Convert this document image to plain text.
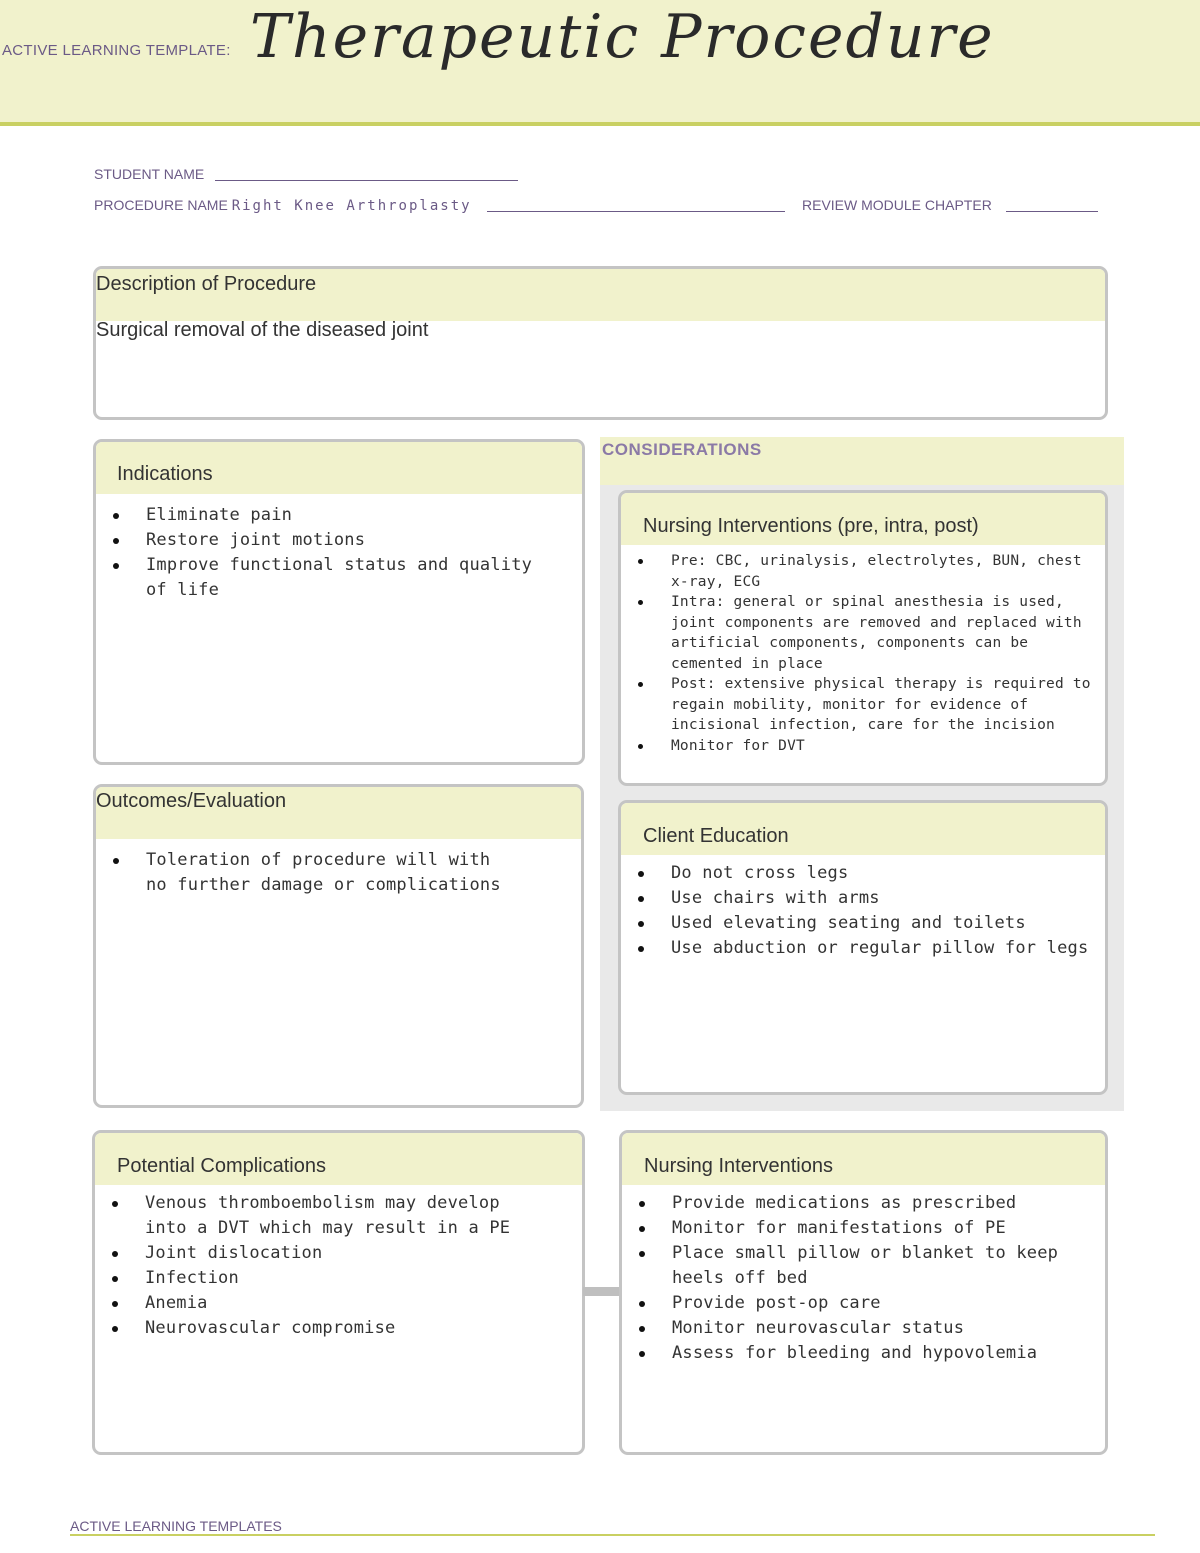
ACTIVE LEARNING TEMPLATE: Therapeutic Procedure
STUDENT NAME
PROCEDURE NAME Right Knee Arthroplasty	REVIEW MODULE CHAPTER
Description of Procedure
Surgical removal of the diseased joint
Indications
Eliminate pain
Restore joint motions
Improve functional status and quality of life
CONSIDERATIONS
Nursing Interventions (pre, intra, post)
Pre: CBC, urinalysis, electrolytes, BUN, chest x-ray, ECG
Intra: general or spinal anesthesia is used, joint components are removed and replaced with artificial components, components can be cemented in place
Post: extensive physical therapy is required to regain mobility, monitor for evidence of incisional infection, care for the incision
Monitor for DVT
Client Education
Do not cross legs
Use chairs with arms
Used elevating seating and toilets
Use abduction or regular pillow for legs
Outcomes/Evaluation
Toleration of procedure will with no further damage or complications
Potential Complications
Venous thromboembolism may develop into a DVT which may result in a PE
Joint dislocation
Infection
Anemia
Neurovascular compromise
Nursing Interventions
Provide medications as prescribed
Monitor for manifestations of PE
Place small pillow or blanket to keep heels off bed
Provide post-op care
Monitor neurovascular status
Assess for bleeding and hypovolemia
ACTIVE LEARNING TEMPLATES
